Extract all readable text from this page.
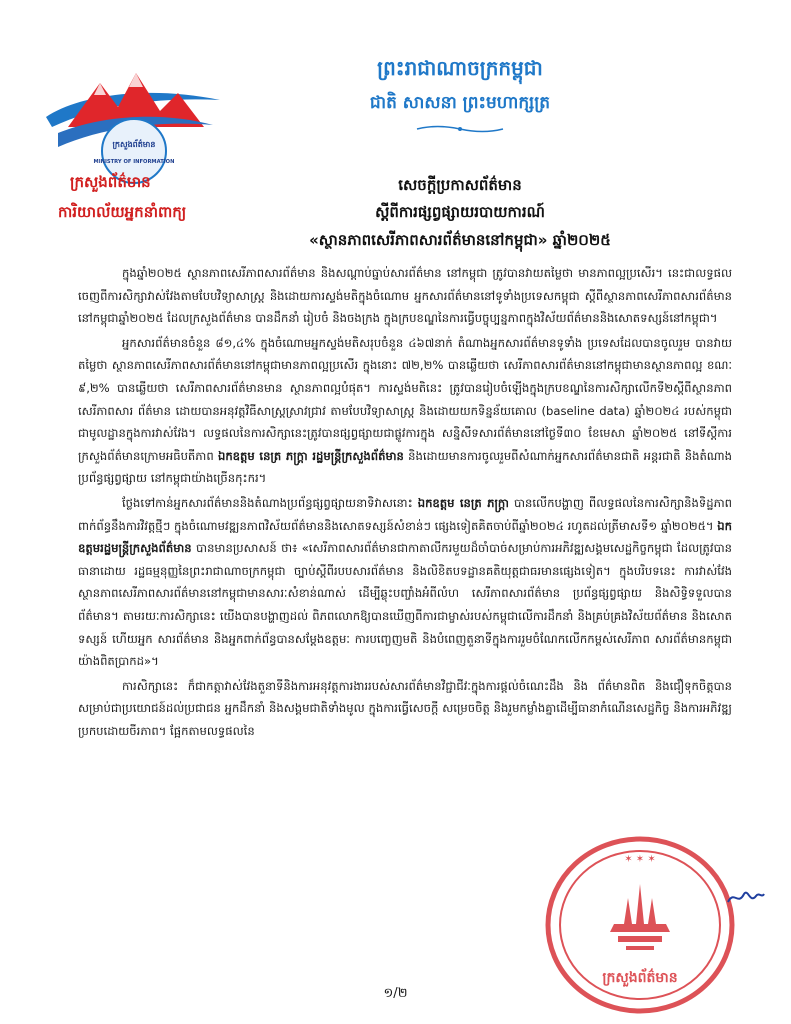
ក្រសួងព័ត៌មាន
MINISTRY OF INFORMATION
ក្រសួងព័ត៌មាន
ការិយាល័យអ្នកនាំពាក្យ
ព្រះរាជាណាចក្រកម្ពុជា
ជាតិ សាសនា ព្រះមហាក្សត្រ
សេចក្តីប្រកាសព័ត៌មាន
ស្តីពីការផ្សព្វផ្សាយរបាយការណ៍
«ស្ថានភាពសេរីភាពសារព័ត៌មាននៅកម្ពុជា» ឆ្នាំ២០២៥

ក្នុងឆ្នាំ២០២៥ ស្ថានភាពសេរីភាពសារព័ត៌មាន និងសណ្តាប់ធ្នាប់សារព័ត៌មាន នៅកម្ពុជា ត្រូវបានវាយតម្លៃថា មានភាពល្អប្រសើរ។ នេះជាលទ្ធផលចេញពីការសិក្សាវាស់វែងតាមបែបវិទ្យាសាស្ត្រ និងដោយការស្ទង់មតិក្នុងចំណោម អ្នកសារព័ត៌មាននៅទូទាំងប្រទេសកម្ពុជា ស្តីពីស្ថានភាពសេរីភាពសារព័ត៌មាននៅកម្ពុជាឆ្នាំ២០២៥ ដែលក្រសួងព័ត៌មាន បានដឹកនាំ រៀបចំ និងចងក្រង ក្នុងក្របខណ្ឌនៃការធ្វើបច្ចុប្បន្នភាពក្នុងវិស័យព័ត៌មាននិងសោតទស្សន៍នៅកម្ពុជា។

អ្នកសារព័ត៌មានចំនួន ៨១,៤% ក្នុងចំណោមអ្នកស្ទង់មតិសរុបចំនួន ៤៦៧នាក់ តំណាងអ្នកសារព័ត៌មានទូទាំង ប្រទេសដែលបានចូលរួម បានវាយតម្លៃថា ស្ថានភាពសេរីភាពសារព័ត៌មាននៅកម្ពុជាមានភាពល្អប្រសើរ ក្នុងនោះ ៧២,២% បានឆ្លើយថា សេរីភាពសារព័ត៌មាននៅកម្ពុជាមានស្ថានភាពល្អ ខណៈ ៩,២% បានឆ្លើយថា សេរីភាពសារព័ត៌មានមាន ស្ថានភាពល្អបំផុត។ ការស្ទង់មតិនេះ ត្រូវបានរៀបចំឡើងក្នុងក្របខណ្ឌនៃការសិក្សាលើកទី២ស្តីពីស្ថានភាពសេរីភាពសារ ព័ត៌មាន ដោយបានអនុវត្តវិធីសាស្ត្រស្រាវជ្រាវ តាមបែបវិទ្យាសាស្ត្រ និងដោយយកទិន្នន័យគោល (baseline data) ឆ្នាំ២០២៤ របស់កម្ពុជាជាមូលដ្ឋានក្នុងការវាស់វែង។ លទ្ធផលនៃការសិក្សានេះត្រូវបានផ្សព្វផ្សាយជាផ្លូវការក្នុង សន្និសីទសារព័ត៌មាននៅថ្ងៃទី៣០ ខែមេសា ឆ្នាំ២០២៥ នៅទីស្តីការក្រសួងព័ត៌មានក្រោមអធិបតីភាព ឯកឧត្តម នេត្រ ភក្ត្រា រដ្ឋមន្ត្រីក្រសួងព័ត៌មាន និងដោយមានការចូលរួមពីសំណាក់អ្នកសារព័ត៌មានជាតិ អន្តរជាតិ និងតំណាងប្រព័ន្ធផ្សព្វផ្សាយ នៅកម្ពុជាយ៉ាងច្រើនកុះករ។

ថ្លែងទៅកាន់អ្នកសារព័ត៌មាននិងតំណាងប្រព័ន្ធផ្សព្វផ្សាយនាទិវាសនោះ ឯកឧត្តម នេត្រ ភក្ត្រា បានលើកបង្ហាញ ពីលទ្ធផលនៃការសិក្សានិងទិដ្ឋភាពពាក់ព័ន្ធនឹងការវិវត្តថ្មីៗ ក្នុងចំណោមវឌ្ឍនភាពវិស័យព័ត៌មាននិងសោតទស្សន៍សំខាន់ៗ ផ្សេងទៀតគិតចាប់ពីឆ្នាំ២០២៤ រហូតដល់ត្រីមាសទី១ ឆ្នាំ២០២៥។ ឯកឧត្តមរដ្ឋមន្ត្រីក្រសួងព័ត៌មាន បានមានប្រសាសន៍ ថា៖ «សេរីភាពសារព័ត៌មានជាកាតាលីករមួយដ៏ចាំបាច់សម្រាប់ការអភិវឌ្ឍសង្គមសេដ្ឋកិច្ចកម្ពុជា ដែលត្រូវបាន ធានាដោយ រដ្ឋធម្មនុញ្ញនៃព្រះរាជាណាចក្រកម្ពុជា ច្បាប់ស្តីពីរបបសារព័ត៌មាន និងលិខិតបទដ្ឋានគតិយុត្តជាធរមានផ្សេងទៀត។ ក្នុងបរិបទនេះ ការវាស់វែងស្ថានភាពសេរីភាពសារព័ត៌មាននៅកម្ពុជាមានសារៈសំខាន់ណាស់ ដើម្បីឆ្លុះបញ្ចាំងអំពីលំហ សេរីភាពសារព័ត៌មាន ប្រព័ន្ធផ្សព្វផ្សាយ និងសិទ្ធិទទួលបានព័ត៌មាន។ តាមរយៈការសិក្សានេះ យើងបានបង្ហាញដល់ ពិភពលោកឱ្យបានឃើញពីការជាម្ចាស់របស់កម្ពុជាលើការដឹកនាំ និងគ្រប់គ្រងវិស័យព័ត៌មាន និងសោតទស្សន៍ ហើយអ្នក សារព័ត៌មាន និងអ្នកពាក់ព័ន្ធបានសម្តែងឧត្តមៈ ការបញ្ចេញមតិ និងបំពេញតួនាទីក្នុងការរួមចំណែកលើកកម្ពស់សេរីភាព សារព័ត៌មានកម្ពុជាយ៉ាងពិតប្រាកដ»។

ការសិក្សានេះ ក៏ជាកត្តាវាស់វែងតួនាទីនិងការអនុវត្តការងាររបស់សារព័ត៌មានវិជ្ជាជីវៈក្នុងការផ្តល់ចំណេះដឹង និង ព័ត៌មានពិត និងជឿទុកចិត្តបានសម្រាប់ជាប្រយោជន៍ដល់ប្រជាជន អ្នកដឹកនាំ និងសង្គមជាតិទាំងមូល ក្នុងការធ្វើសេចក្តី សម្រេចចិត្ត និងរួមកម្លាំងគ្នាដើម្បីធានាកំណើនសេដ្ឋកិច្ច និងការអភិវឌ្ឍប្រកបដោយចីរភាព។ ផ្អែកតាមលទ្ធផលនៃ

ក្រសួងព័ត៌មាន
✶ ✶ ✶
១/២
